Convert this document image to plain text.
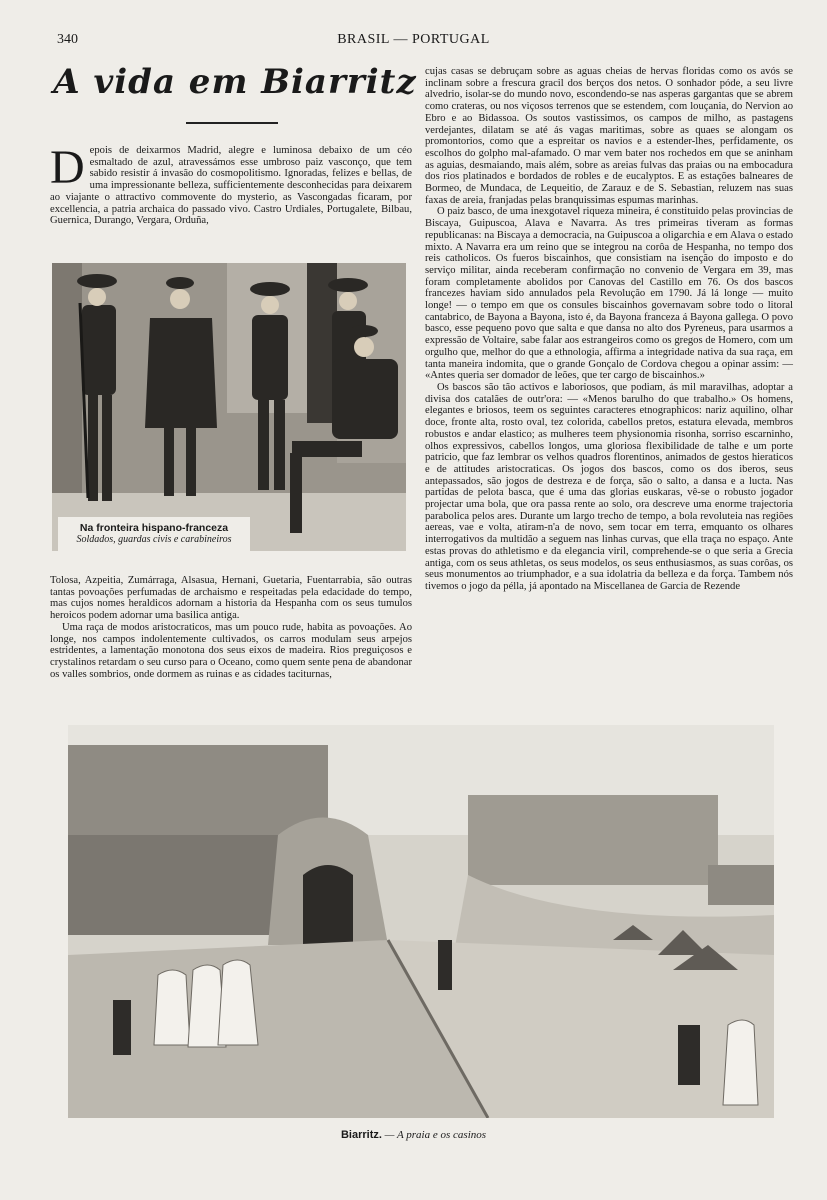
340	BRASIL — PORTUGAL
A vida em Biarritz

Depois de deixarmos Madrid, alegre e luminosa debaixo de um céo esmaltado de azul, atravessámos esse umbroso paiz vasconço, que tem sabido resistir á invasão do cosmopolitismo. Ignoradas, felizes e bellas, de uma impressionante belleza, sufficientemente desconhecidas para deixarem ao viajante o attractivo commovente do mysterio, as Vascongadas ficaram, por excellencia, a patria archaica do passado vivo. Castro Urdiales, Portugalete, Bilbau, Guernica, Durango, Vergara, Orduña,

Na fronteira hispano-franceza
Soldados, guardas civis e carabineiros

Tolosa, Azpeitia, Zumárraga, Alsasua, Hernani, Guetaria, Fuentarrabia, são outras tantas povoações perfumadas de archaismo e respeitadas pela edacidade do tempo, mas cujos nomes heraldicos adornam a historia da Hespanha com os seus tumulos heroicos podem adornar uma basilica antiga.

Uma raça de modos aristocraticos, mas um pouco rude, habita as povoações. Ao longe, nos campos indolentemente cultivados, os carros modulam seus arpejos estridentes, a lamentação monotona dos seus eixos de madeira. Rios preguiçosos e crystalinos retardam o seu curso para o Oceano, como quem sente pena de abandonar os valles sombrios, onde dormem as ruinas e as cidades taciturnas,

cujas casas se debruçam sobre as aguas cheias de hervas floridas como os avós se inclinam sobre a frescura gracil dos berços dos netos. O sonhador póde, a seu livre alvedrio, isolar-se do mundo novo, escondendo-se nas asperas gargantas que se abrem como crateras, ou nos viçosos terrenos que se estendem, com louçania, do Nervion ao Ebro e ao Bidassoa. Os soutos vastissimos, os campos de milho, as pastagens verdejantes, dilatam se até ás vagas maritimas, sobre as quaes se alongam os promontorios, como que a espreitar os navios e a estender-lhes, perfidamente, os escolhos do golpho mal-afamado. O mar vem bater nos rochedos em que se aninham as aguias, desmaiando, mais além, sobre as areias fulvas das praias ou na embocadura dos rios platinados e bordados de robles e de eucalyptos. E as estações balneares de Bormeo, de Mundaca, de Lequeitio, de Zarauz e de S. Sebastian, reluzem nas suas faxas de areia, franjadas pelas branquissimas espumas marinhas.

O paiz basco, de uma inexgotavel riqueza mineira, é constituido pelas provincias de Biscaya, Guipuscoa, Alava e Navarra. As tres primeiras tiveram as formas republicanas: na Biscaya a democracia, na Guipuscoa a oligarchia e em Alava o estado mixto. A Navarra era um reino que se integrou na corôa de Hespanha, no tempo dos reis catholicos. Os fueros biscainhos, que consistiam na isenção do imposto e do serviço militar, ainda receberam confirmação no convenio de Vergara em 39, mas foram completamente abolidos por Canovas del Castillo em 76. Os dos bascos francezes haviam sido annulados pela Revolução em 1790. Já lá longe — muito longe! — o tempo em que os consules biscainhos governavam sobre todo o litoral cantabrico, de Bayona a Bayona, isto é, da Bayona franceza á Bayona gallega. O povo basco, esse pequeno povo que salta e que dansa no alto dos Pyreneus, para usarmos a expressão de Voltaire, sabe falar aos estrangeiros como os gregos de Homero, com um orgulho que, melhor do que a ethnologia, affirma a integridade nativa da sua raça, em tanta maneira indomita, que o grande Gonçalo de Cordova chegou a opinar assim: — «Antes queria ser domador de leões, que ter cargo de biscainhos.»

Os bascos são tão activos e laboriosos, que podiam, ás mil maravilhas, adoptar a divisa dos catalães de outr'ora: — «Menos barulho do que trabalho.» Os homens, elegantes e briosos, teem os seguintes caracteres etnographicos: nariz aquilino, olhar doce, fronte alta, rosto oval, tez colorida, cabellos pretos, estatura elevada, membros robustos e andar elastico; as mulheres teem physionomia risonha, sorriso escarninho, olhos expressivos, cabellos longos, uma gloriosa flexibilidade de talhe e um porte patricio, que faz lembrar os velhos quadros florentinos, animados de gestos hieraticos e de attitudes aristocraticas. Os jogos dos bascos, como os dos iberos, seus antepassados, são jogos de destreza e de força, são o salto, a dansa e a lucta. Nas partidas de pelota basca, que é uma das glorias euskaras, vê-se o robusto jogador projectar uma bola, que ora passa rente ao solo, ora descreve uma enorme trajectoria parabolica pelos ares. Durante um largo trecho de tempo, a bola revoluteia nas regiões aereas, vae e volta, atiram-n'a de novo, sem tocar em terra, emquanto os olhares interrogativos da multidão a seguem nas linhas curvas, que ella traça no espaço. Ante estas provas do athletismo e da elegancia viril, comprehende-se o que seria a Grecia antiga, com os seus athletas, os seus modelos, os seus enthusiasmos, as suas corôas, os seus monumentos ao triumphador, e a sua idolatria da belleza e da força. Tambem nós tivemos o jogo da pélla, já apontado na Miscellanea de Garcia de Rezende

Biarritz. — A praia e os casinos
